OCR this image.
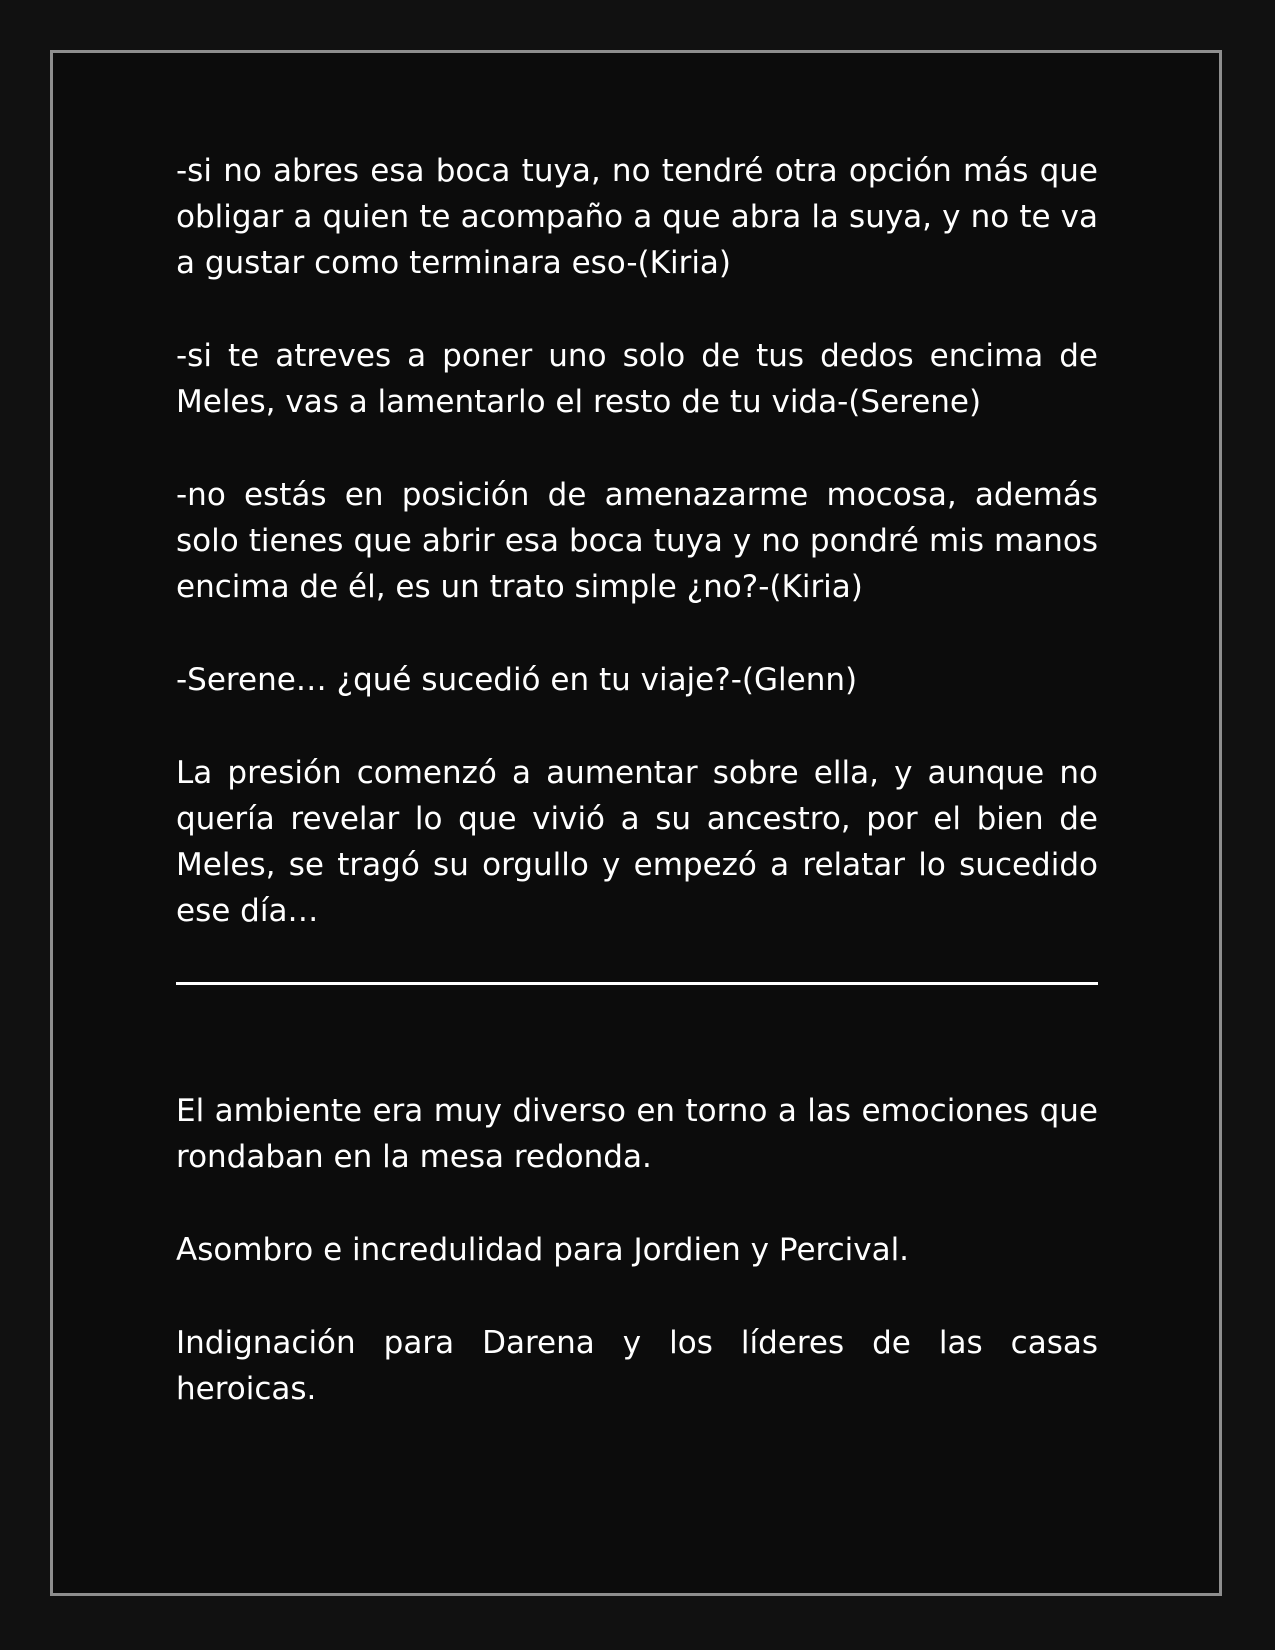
-si no abres esa boca tuya, no tendré otra opción más que obligar a quien te acompaño a que abra la suya, y no te va a gustar como terminara eso-(Kiria)

-si te atreves a poner uno solo de tus dedos encima de Meles, vas a lamentarlo el resto de tu vida-(Serene)

-no estás en posición de amenazarme mocosa, además solo tienes que abrir esa boca tuya y no pondré mis manos encima de él, es un trato simple ¿no?-(Kiria)

-Serene… ¿qué sucedió en tu viaje?-(Glenn)

La presión comenzó a aumentar sobre ella, y aunque no quería revelar lo que vivió a su ancestro, por el bien de Meles, se tragó su orgullo y empezó a relatar lo sucedido ese día…

El ambiente era muy diverso en torno a las emociones que rondaban en la mesa redonda.

Asombro e incredulidad para Jordien y Percival.

Indignación para Darena y los líderes de las casas heroicas.
